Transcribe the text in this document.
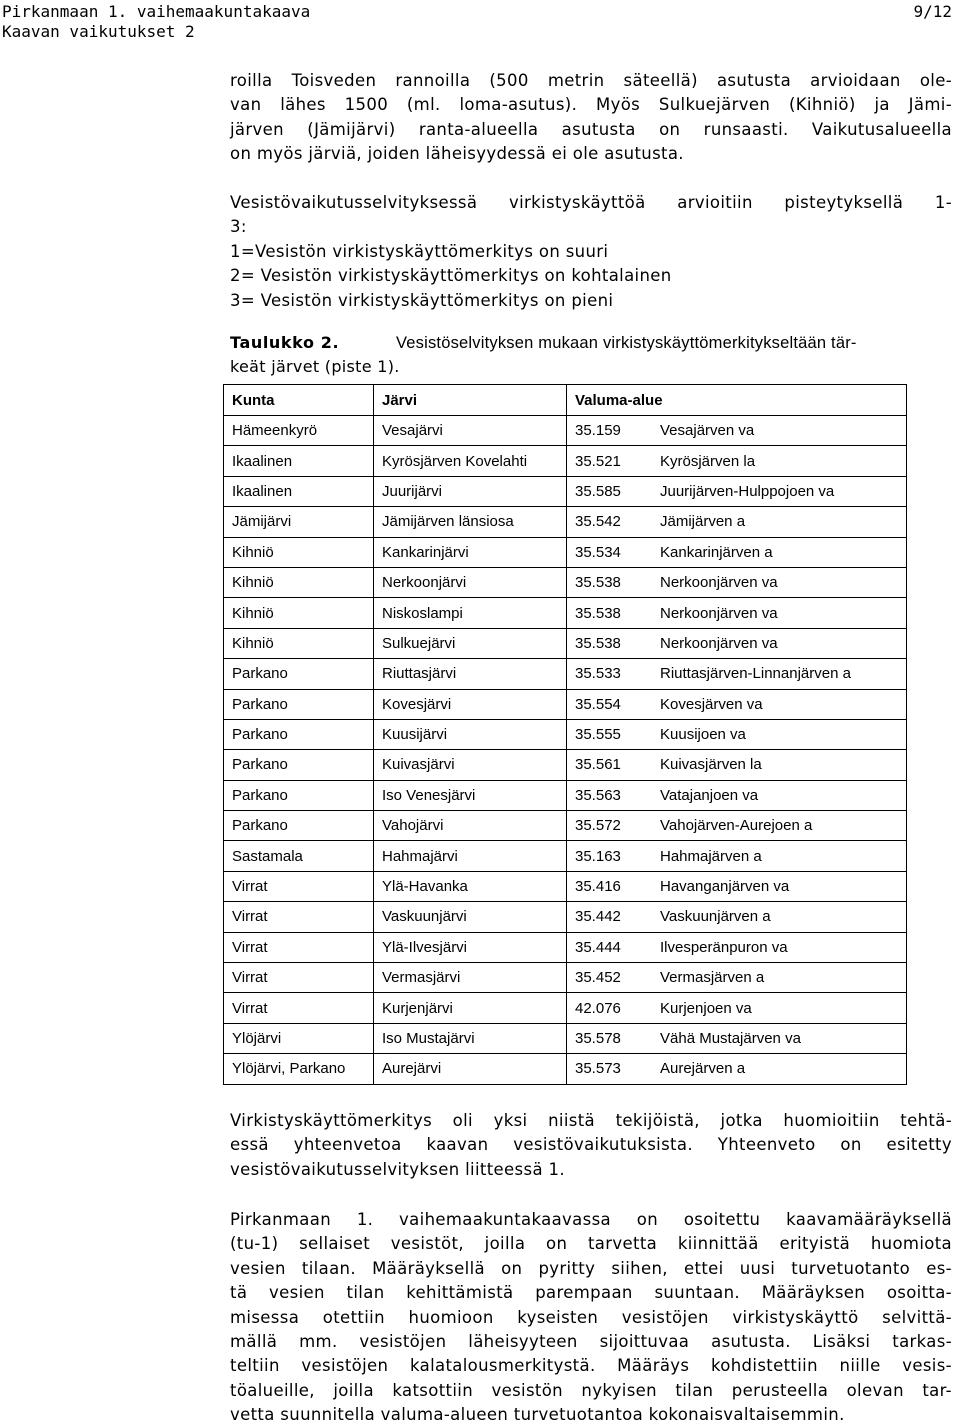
Pirkanmaan 1. vaihemaakuntakaava
Kaavan vaikutukset 2
9/12

roilla Toisveden rannoilla (500 metrin säteellä) asutusta arvioidaan ole-
van lähes 1500 (ml. loma-asutus). Myös Sulkuejärven (Kihniö) ja Jämi-
järven (Jämijärvi) ranta-alueella asutusta on runsaasti. Vaikutusalueella
on myös järviä, joiden läheisyydessä ei ole asutusta.

Vesistövaikutusselvityksessä virkistyskäyttöä arvioitiin pisteytyksellä 1-
3:
1=Vesistön virkistyskäyttömerkitys on suuri
2= Vesistön virkistyskäyttömerkitys on kohtalainen
3= Vesistön virkistyskäyttömerkitys on pieni

Taulukko 2.	Vesistöselvityksen mukaan virkistyskäyttömerkitykseltään tär-
keät järvet (piste 1).
Kunta	Järvi	Valuma-alue	
Hämeenkyrö	Vesajärvi	35.159	Vesajärven va
Ikaalinen	Kyrösjärven Kovelahti	35.521	Kyrösjärven la
Ikaalinen	Juurijärvi	35.585	Juurijärven-Hulppojoen va
Jämijärvi	Jämijärven länsiosa	35.542	Jämijärven a
Kihniö	Kankarinjärvi	35.534	Kankarinjärven a
Kihniö	Nerkoonjärvi	35.538	Nerkoonjärven va
Kihniö	Niskoslampi	35.538	Nerkoonjärven va
Kihniö	Sulkuejärvi	35.538	Nerkoonjärven va
Parkano	Riuttasjärvi	35.533	Riuttasjärven-Linnanjärven a
Parkano	Kovesjärvi	35.554	Kovesjärven va
Parkano	Kuusijärvi	35.555	Kuusijoen va
Parkano	Kuivasjärvi	35.561	Kuivasjärven la
Parkano	Iso Venesjärvi	35.563	Vatajanjoen va
Parkano	Vahojärvi	35.572	Vahojärven-Aurejoen a
Sastamala	Hahmajärvi	35.163	Hahmajärven a
Virrat	Ylä-Havanka	35.416	Havanganjärven va
Virrat	Vaskuunjärvi	35.442	Vaskuunjärven a
Virrat	Ylä-Ilvesjärvi	35.444	Ilvesperänpuron va
Virrat	Vermasjärvi	35.452	Vermasjärven a
Virrat	Kurjenjärvi	42.076	Kurjenjoen va
Ylöjärvi	Iso Mustajärvi	35.578	Vähä Mustajärven va
Ylöjärvi, Parkano	Aurejärvi	35.573	Aurejärven a

Virkistyskäyttömerkitys oli yksi niistä tekijöistä, jotka huomioitiin tehtä-
essä yhteenvetoa kaavan vesistövaikutuksista. Yhteenveto on esitetty
vesistövaikutusselvityksen liitteessä 1.

Pirkanmaan 1. vaihemaakuntakaavassa on osoitettu kaavamääräyksellä
(tu-1) sellaiset vesistöt, joilla on tarvetta kiinnittää erityistä huomiota
vesien tilaan. Määräyksellä on pyritty siihen, ettei uusi turvetuotanto es-
tä vesien tilan kehittämistä parempaan suuntaan. Määräyksen osoitta-
misessa otettiin huomioon kyseisten vesistöjen virkistyskäyttö selvittä-
mällä mm. vesistöjen läheisyyteen sijoittuvaa asutusta. Lisäksi tarkas-
teltiin vesistöjen kalatalousmerkitystä. Määräys kohdistettiin niille vesis-
töalueille, joilla katsottiin vesistön nykyisen tilan perusteella olevan tar-
vetta suunnitella valuma-alueen turvetuotantoa kokonaisvaltaisemmin.
